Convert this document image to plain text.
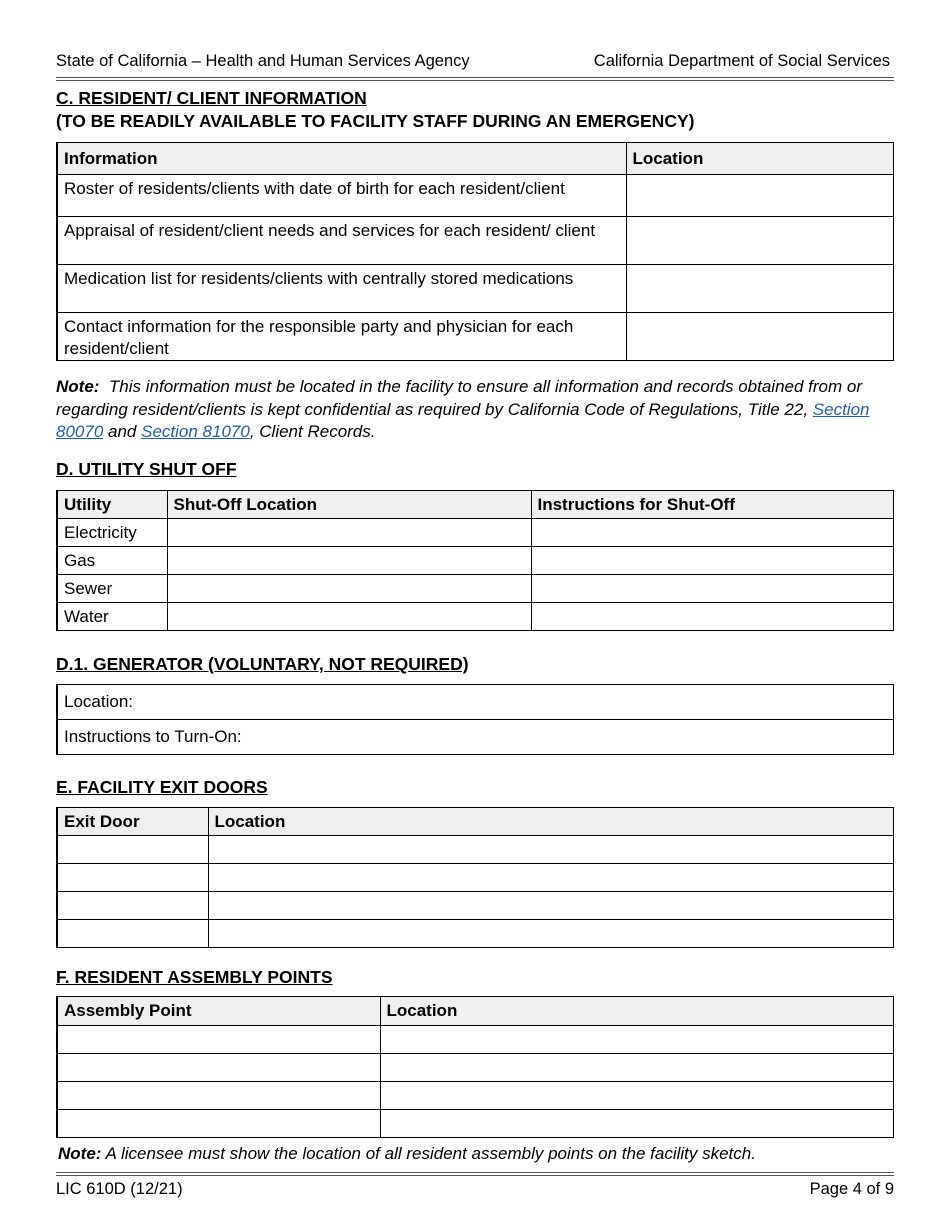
State of California – Health and Human Services Agency	California Department of Social Services
C. RESIDENT/ CLIENT INFORMATION
(TO BE READILY AVAILABLE TO FACILITY STAFF DURING AN EMERGENCY)
Information	Location
Roster of residents/clients with date of birth for each resident/client	
Appraisal of resident/client needs and services for each resident/ client	
Medication list for residents/clients with centrally stored medications	
Contact information for the responsible party and physician for each resident/client	
Note: This information must be located in the facility to ensure all information and records obtained from or regarding resident/clients is kept confidential as required by California Code of Regulations, Title 22, Section 80070 and Section 81070, Client Records.
D. UTILITY SHUT OFF
Utility	Shut-Off Location	Instructions for Shut-Off
Electricity		
Gas		
Sewer		
Water		
D.1. GENERATOR (VOLUNTARY, NOT REQUIRED)
Location:
Instructions to Turn-On:
E. FACILITY EXIT DOORS
Exit Door	Location

F. RESIDENT ASSEMBLY POINTS
Assembly Point	Location

Note: A licensee must show the location of all resident assembly points on the facility sketch.
LIC 610D (12/21)	Page 4 of 9
